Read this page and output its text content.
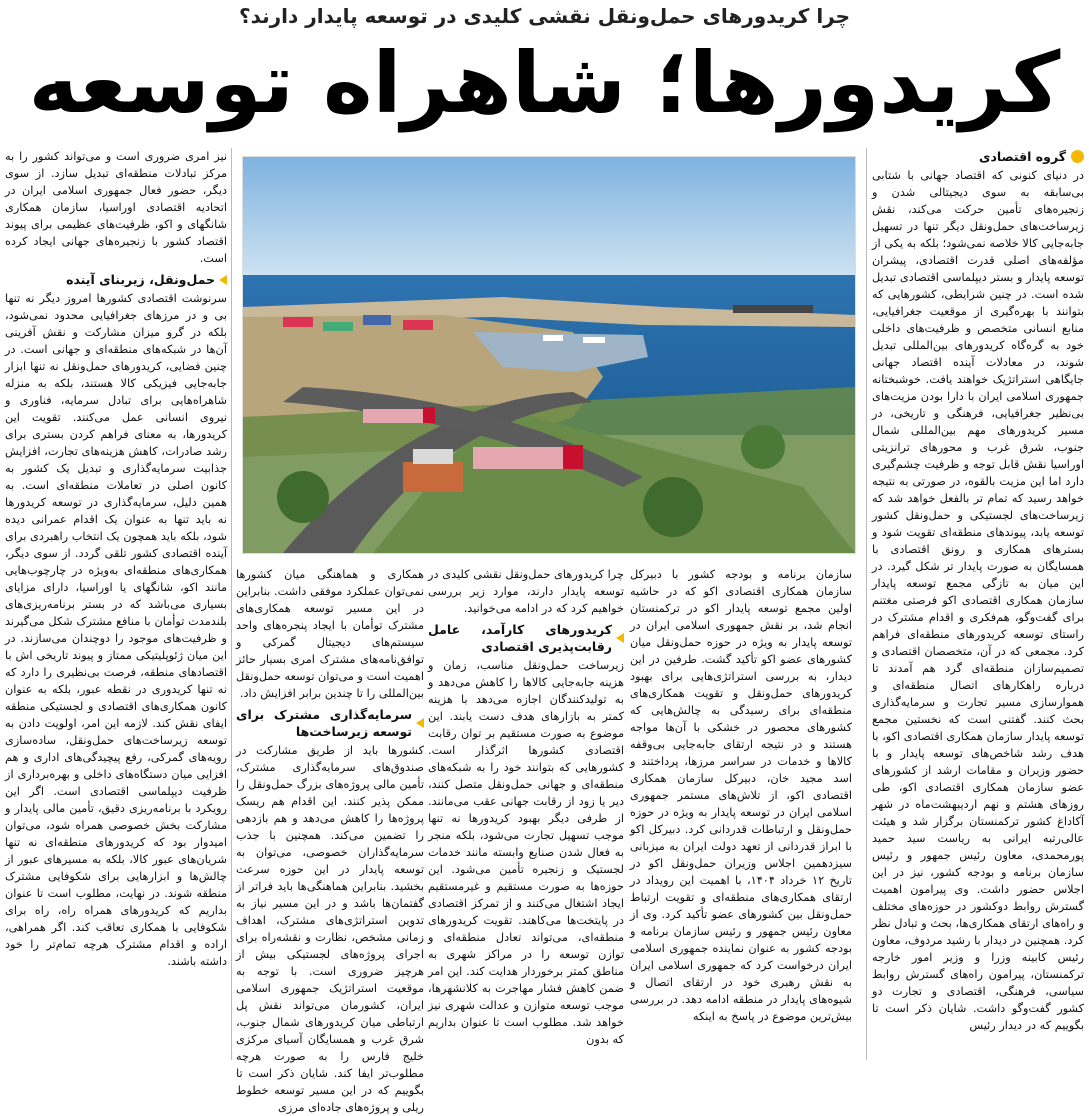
چرا کریدورهای حمل‌ونقل نقشی کلیدی در توسعه پایدار دارند؟
کریدورها؛ شاهراه توسعه
گروه اقتصادی

در دنیای کنونی که اقتصاد جهانی با شتابی بی‌سابقه به سوی دیجیتالی شدن و زنجیره‌های تأمین حرکت می‌کند، نقش زیرساخت‌های حمل‌ونقل دیگر تنها در تسهیل جابه‌جایی کالا خلاصه نمی‌شود؛ بلکه به یکی از مؤلفه‌های اصلی قدرت اقتصادی، پیشران توسعه پایدار و بستر دیپلماسی اقتصادی تبدیل شده است. در چنین شرایطی، کشورهایی که بتوانند با بهره‌گیری از موقعیت جغرافیایی، منابع انسانی متخصص و ظرفیت‌های داخلی خود به گره‌گاه کریدورهای بین‌المللی تبدیل شوند، در معادلات آینده اقتصاد جهانی جایگاهی استراتژیک خواهند یافت. خوشبختانه جمهوری اسلامی ایران با دارا بودن مزیت‌های بی‌نظیر جغرافیایی، فرهنگی و تاریخی، در مسیر کریدورهای مهم بین‌المللی شمال جنوب، شرق غرب و محورهای ترانزیتی اوراسیا نقش قابل توجه و ظرفیت چشم‌گیری دارد اما این مزیت بالقوه، در صورتی به نتیجه خواهد رسید که تمام تر بالفعل خواهد شد که زیرساخت‌های لجستیکی و حمل‌ونقل کشور توسعه یابد، پیوندهای منطقه‌ای تقویت شود و بسترهای همکاری و رونق اقتصادی با همسایگان به صورت پایدار تر شکل گیرد. در این میان به تازگی مجمع توسعه پایدار سازمان همکاری اقتصادی اکو فرصتی مغتنم برای گفت‌وگو، هم‌فکری و اقدام مشترک در راستای توسعه کریدورهای منطقه‌ای فراهم کرد. مجمعی که در آن، متخصصان اقتصادی و تصمیم‌سازان منطقه‌ای گرد هم آمدند تا درباره راهکارهای اتصال منطقه‌ای و هموارسازی مسیر تجارت و سرمایه‌گذاری بحث کنند. گفتنی است که نخستین مجمع توسعه پایدار سازمان همکاری اقتصادی اکو، با هدف رشد شاخص‌های توسعه پایدار و با حضور وزیران و مقامات ارشد از کشورهای عضو سازمان همکاری اقتصادی اکو، طی روزهای هشتم و نهم اردیبهشت‌ماه در شهر آکاداغ کشور ترکمنستان برگزار شد و هیئت عالی‌رتبه ایرانی به ریاست سید حمید پورمحمدی، معاون رئیس جمهور و رئیس سازمان برنامه و بودجه کشور، نیز در این اجلاس حضور داشت. وی پیرامون اهمیت گسترش روابط دوکشور در حوزه‌های مختلف و راه‌های ارتقای همکاری‌ها، بحث و تبادل نظر کرد. همچنین در دیدار با رشید مردوف، معاون رئیس کابینه وزرا و وزیر امور خارجه ترکمنستان، پیرامون راه‌های گسترش روابط سیاسی، فرهنگی، اقتصادی و تجارت دو کشور گفت‌وگو داشت. شایان ذکر است تا بگوییم که در دیدار رئیس

سازمان برنامه و بودجه کشور با دبیرکل سازمان همکاری اقتصادی اکو که در حاشیه اولین مجمع توسعه پایدار اکو در ترکمنستان انجام شد، بر نقش جمهوری اسلامی ایران در توسعه پایدار به ویژه در حوزه حمل‌ونقل میان کشورهای عضو اکو تأکید گشت. طرفین در این دیدار، به بررسی استراتژی‌هایی برای بهبود کریدورهای حمل‌ونقل و تقویت همکاری‌های منطقه‌ای برای رسیدگی به چالش‌هایی که کشورهای محصور در خشکی با آن‌ها مواجه هستند و در نتیجه ارتقای جابه‌جایی بی‌وقفه کالاها و خدمات در سراسر مرزها، پرداختند و اسد مجید خان، دبیرکل سازمان همکاری اقتصادی اکو، از تلاش‌های مستمر جمهوری اسلامی ایران در توسعه پایدار به ویژه در حوزه حمل‌ونقل و ارتباطات قدردانی کرد. دبیرکل اکو با ابراز قدردانی از تعهد دولت ایران به میزبانی سیزدهمین اجلاس وزیران حمل‌ونقل اکو در تاریخ ۱۲ خرداد ۱۴۰۴، با اهمیت این رویداد در ارتقای همکاری‌های منطقه‌ای و تقویت ارتباط حمل‌ونقل بین کشورهای عضو تأکید کرد. وی از معاون رئیس جمهور و رئیس سازمان برنامه و بودجه کشور به عنوان نماینده جمهوری اسلامی ایران درخواست کرد که جمهوری اسلامی ایران به نقش رهبری خود در ارتقای اتصال و شیوه‌های پایدار در منطقه ادامه دهد. در بررسی بیش‌ترین موضوع در پاسخ به اینکه

چرا کریدورهای حمل‌ونقل نقشی کلیدی در توسعه پایدار دارند، موارد زیر بررسی خواهیم کرد که در ادامه می‌خوانید.

کریدورهای کارآمد، عامل رقابت‌پذیری اقتصادی

زیرساخت حمل‌ونقل مناسب، زمان و هزینه جابه‌جایی کالاها را کاهش می‌دهد و به تولیدکنندگان اجازه می‌دهد با هزینه کمتر به بازارهای هدف دست یابند. این موضوع به صورت مستقیم بر توان رقابت اقتصادی کشورها اثرگذار است. کشورهایی که بتوانند خود را به شبکه‌های منطقه‌ای و جهانی حمل‌ونقل متصل کنند، دیر یا زود از رقابت جهانی عقب می‌مانند. از طرفی دیگر بهبود کریدورها نه تنها موجب تسهیل تجارت می‌شود، بلکه منجر به فعال شدن صنایع وابسته مانند خدمات لجستیک و زنجیره تأمین می‌شود. این حوزه‌ها به صورت مستقیم و غیرمستقیم ایجاد اشتغال می‌کنند و از تمرکز اقتصادی در پایتخت‌ها می‌کاهند. تقویت کریدورهای منطقه‌ای، می‌تواند تعادل منطقه‌ای و توازن توسعه را در مراکز شهری به مناطق کمتر برخوردار هدایت کند. این امر ضمن کاهش فشار مهاجرت به کلانشهرها، موجب توسعه متوازن و عدالت شهری نیز خواهد شد. مطلوب است تا عنوان بداریم که بدون

همکاری و هماهنگی میان کشورها نمی‌توان عملکرد موفقی داشت. بنابراین در این مسیر توسعه همکاری‌های مشترک توأمان با ایجاد پنجره‌های واحد سیستم‌های دیجیتال گمرکی و توافق‌نامه‌های مشترک امری بسیار حائز اهمیت است و می‌توان توسعه حمل‌ونقل بین‌المللی را تا چندین برابر افزایش داد.

سرمایه‌گذاری مشترک برای توسعه زیرساخت‌ها

کشورها باید از طریق مشارکت در صندوق‌های سرمایه‌گذاری مشترک، تأمین مالی پروژه‌های بزرگ حمل‌ونقل را ممکن پذیر کنند. این اقدام هم ریسک پروژه‌ها را کاهش می‌دهد و هم بازدهی را تضمین می‌کند. همچنین با جذب سرمایه‌گذاران خصوصی، می‌توان به توسعه پایدار در این حوزه سرعت بخشید. بنابراین هماهنگی‌ها باید فراتر از گفتمان‌ها باشد و در این مسیر نیاز به تدوین استراتژی‌های مشترک، اهداف زمانی مشخص، نظارت و نقشه‌راه برای اجرای پروژه‌های لجستیکی بیش از هرچیز ضروری است. با توجه به موقعیت استراتژیک جمهوری اسلامی ایران، کشورمان می‌تواند نقش پل ارتباطی میان کریدورهای شمال جنوب، شرق غرب و همسایگان آسیای مرکزی خلیج فارس را به صورت هرچه مطلوب‌تر ایفا کند. شایان ذکر است تا بگوییم که در این مسیر توسعه خطوط ریلی و پروژه‌های جاده‌ای مرزی

نیز امری ضروری است و می‌تواند کشور را به مرکز تبادلات منطقه‌ای تبدیل سازد. از سوی دیگر، حضور فعال جمهوری اسلامی ایران در اتحادیه اقتصادی اوراسیا، سازمان همکاری شانگهای و اکو، ظرفیت‌های عظیمی برای پیوند اقتصاد کشور با زنجیره‌های جهانی ایجاد کرده است.

حمل‌ونقل، زیربنای آینده

سرنوشت اقتصادی کشورها امروز دیگر نه تنها بی و در مرزهای جغرافیایی محدود نمی‌شود، بلکه در گرو میزان مشارکت و نقش آفرینی آن‌ها در شبکه‌های منطقه‌ای و جهانی است. در چنین فضایی، کریدورهای حمل‌ونقل نه تنها ابزار جابه‌جایی فیزیکی کالا هستند، بلکه به منزله شاهراه‌هایی برای تبادل سرمایه، فناوری و نیروی انسانی عمل می‌کنند. تقویت این کریدورها، به معنای فراهم کردن بستری برای رشد صادرات، کاهش هزینه‌های تجارت، افزایش جذابیت سرمایه‌گذاری و تبدیل یک کشور به کانون اصلی در تعاملات منطقه‌ای است. به همین دلیل، سرمایه‌گذاری در توسعه کریدورها نه باید تنها به عنوان یک اقدام عمرانی دیده شود، بلکه باید همچون یک انتخاب راهبردی برای آینده اقتصادی کشور تلقی گردد. از سوی دیگر، همکاری‌های منطقه‌ای به‌ویژه در چارچوب‌هایی مانند اکو، شانگهای یا اوراسیا، دارای مزایای بسیاری می‌باشد که در بستر برنامه‌ریزی‌های بلندمدت توأمان با منافع مشترک شکل می‌گیرند و ظرفیت‌های موجود را دوچندان می‌سازند. در این میان ژئوپلیتیکی ممتاز و پیوند تاریخی اش با اقتصادهای منطقه، فرصت بی‌نظیری را دارد که نه تنها کریدوری در نقطه عبور، بلکه به عنوان کانون همکاری‌های اقتصادی و لجستیکی منطقه ایفای نقش کند. لازمه این امر، اولویت دادن به توسعه زیرساخت‌های حمل‌ونقل، ساده‌سازی رویه‌های گمرکی، رفع پیچیدگی‌های اداری و هم افزایی میان دستگاه‌های داخلی و بهره‌برداری از ظرفیت دیپلماسی اقتصادی است. اگر این رویکرد با برنامه‌ریزی دقیق، تأمین مالی پایدار و مشارکت بخش خصوصی همراه شود، می‌توان امیدوار بود که کریدورهای منطقه‌ای نه تنها شریان‌های عبور کالا، بلکه به مسیرهای عبور از چالش‌ها و ابزارهایی برای شکوفایی مشترک منطقه شوند. در نهایت، مطلوب است تا عنوان بداریم که کریدورهای همراه راه، راه برای شکوفایی با همکاری تعاقب کند. اگر همراهی، اراده و اقدام مشترک هرچه تمام‌تر را خود داشته باشند.
